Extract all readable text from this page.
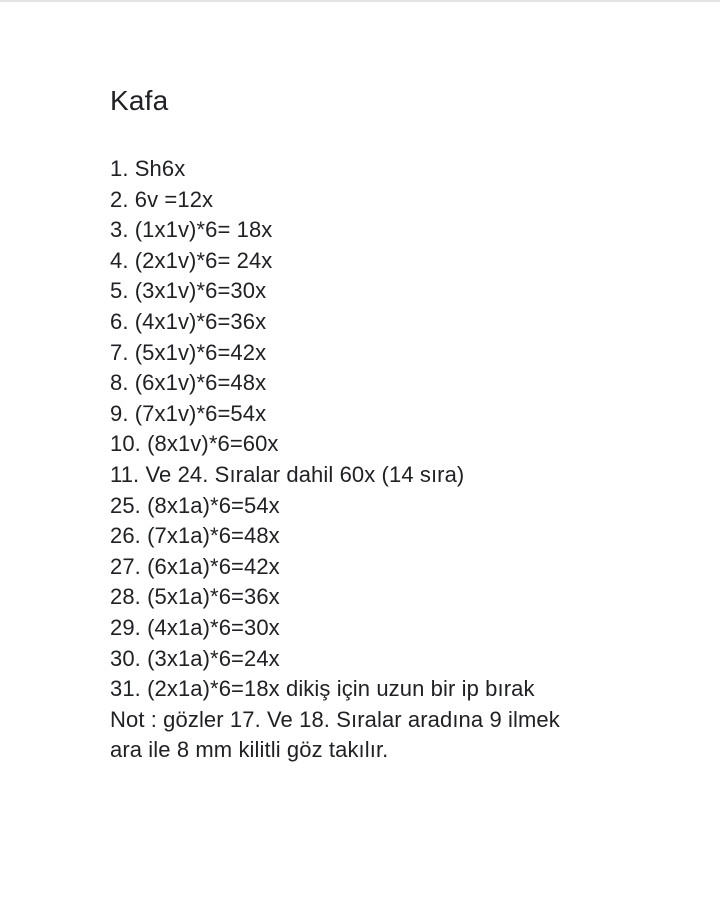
Kafa
1. Sh6x
2. 6v =12x
3. (1x1v)*6= 18x
4. (2x1v)*6= 24x
5. (3x1v)*6=30x
6. (4x1v)*6=36x
7. (5x1v)*6=42x
8. (6x1v)*6=48x
9. (7x1v)*6=54x
10. (8x1v)*6=60x
11. Ve 24. Sıralar dahil 60x (14 sıra)
25. (8x1a)*6=54x
26. (7x1a)*6=48x
27. (6x1a)*6=42x
28. (5x1a)*6=36x
29. (4x1a)*6=30x
30. (3x1a)*6=24x
31. (2x1a)*6=18x dikiş için uzun bir ip bırak
Not : gözler 17. Ve 18. Sıralar aradına 9 ilmek
ara ile 8 mm kilitli göz takılır.
